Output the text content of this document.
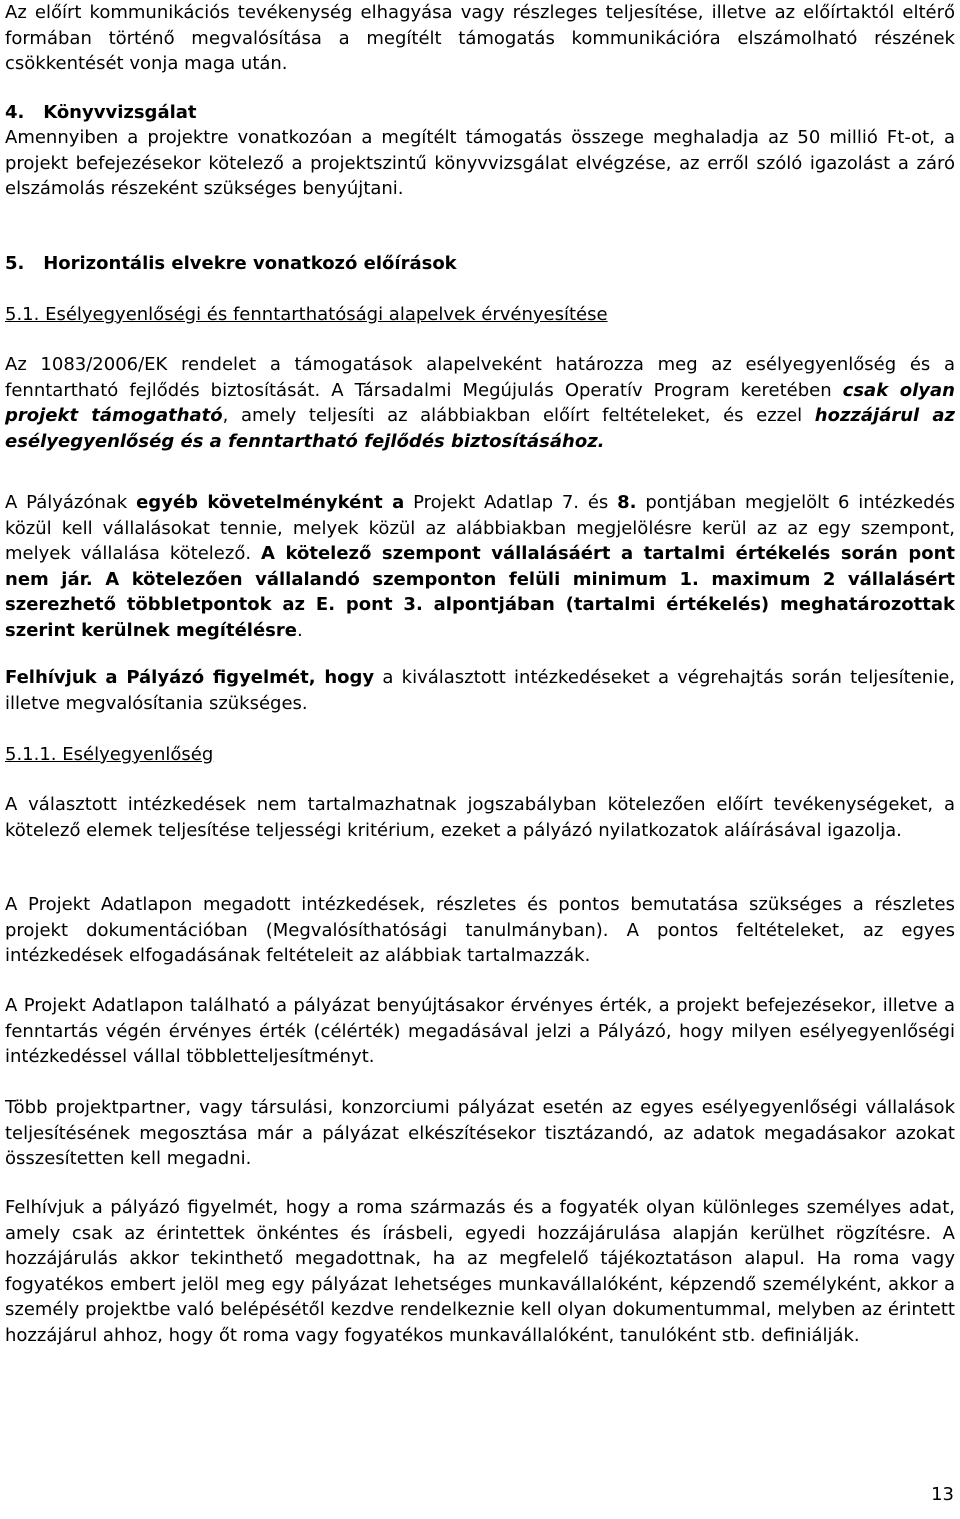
Az előírt kommunikációs tevékenység elhagyása vagy részleges teljesítése, illetve az előírtaktól eltérő formában történő megvalósítása a megítélt támogatás kommunikációra elszámolható részének csökkentését vonja maga után.

4. Könyvvizsgálat

Amennyiben a projektre vonatkozóan a megítélt támogatás összege meghaladja az 50 millió Ft-ot, a projekt befejezésekor kötelező a projektszintű könyvvizsgálat elvégzése, az erről szóló igazolást a záró elszámolás részeként szükséges benyújtani.

5. Horizontális elvekre vonatkozó előírások

5.1. Esélyegyenlőségi és fenntarthatósági alapelvek érvényesítése

Az 1083/2006/EK rendelet a támogatások alapelveként határozza meg az esélyegyenlőség és a fenntartható fejlődés biztosítását. A Társadalmi Megújulás Operatív Program keretében csak olyan projekt támogatható, amely teljesíti az alábbiakban előírt feltételeket, és ezzel hozzájárul az esélyegyenlőség és a fenntartható fejlődés biztosításához.

A Pályázónak egyéb követelményként a Projekt Adatlap 7. és 8. pontjában megjelölt 6 intézkedés közül kell vállalásokat tennie, melyek közül az alábbiakban megjelölésre kerül az az egy szempont, melyek vállalása kötelező. A kötelező szempont vállalásáért a tartalmi értékelés során pont nem jár. A kötelezően vállalandó szemponton felüli minimum 1. maximum 2 vállalásért szerezhető többletpontok az E. pont 3. alpontjában (tartalmi értékelés) meghatározottak szerint kerülnek megítélésre.

Felhívjuk a Pályázó figyelmét, hogy a kiválasztott intézkedéseket a végrehajtás során teljesítenie, illetve megvalósítania szükséges.

5.1.1. Esélyegyenlőség

A választott intézkedések nem tartalmazhatnak jogszabályban kötelezően előírt tevékenységeket, a kötelező elemek teljesítése teljességi kritérium, ezeket a pályázó nyilatkozatok aláírásával igazolja.

A Projekt Adatlapon megadott intézkedések, részletes és pontos bemutatása szükséges a részletes projekt dokumentációban (Megvalósíthatósági tanulmányban). A pontos feltételeket, az egyes intézkedések elfogadásának feltételeit az alábbiak tartalmazzák.

A Projekt Adatlapon található a pályázat benyújtásakor érvényes érték, a projekt befejezésekor, illetve a fenntartás végén érvényes érték (célérték) megadásával jelzi a Pályázó, hogy milyen esélyegyenlőségi intézkedéssel vállal többletteljesítményt.

Több projektpartner, vagy társulási, konzorciumi pályázat esetén az egyes esélyegyenlőségi vállalások teljesítésének megosztása már a pályázat elkészítésekor tisztázandó, az adatok megadásakor azokat összesítetten kell megadni.

Felhívjuk a pályázó figyelmét, hogy a roma származás és a fogyaték olyan különleges személyes adat, amely csak az érintettek önkéntes és írásbeli, egyedi hozzájárulása alapján kerülhet rögzítésre. A hozzájárulás akkor tekinthető megadottnak, ha az megfelelő tájékoztatáson alapul. Ha roma vagy fogyatékos embert jelöl meg egy pályázat lehetséges munkavállalóként, képzendő személyként, akkor a személy projektbe való belépésétől kezdve rendelkeznie kell olyan dokumentummal, melyben az érintett hozzájárul ahhoz, hogy őt roma vagy fogyatékos munkavállalóként, tanulóként stb. definiálják.

13
